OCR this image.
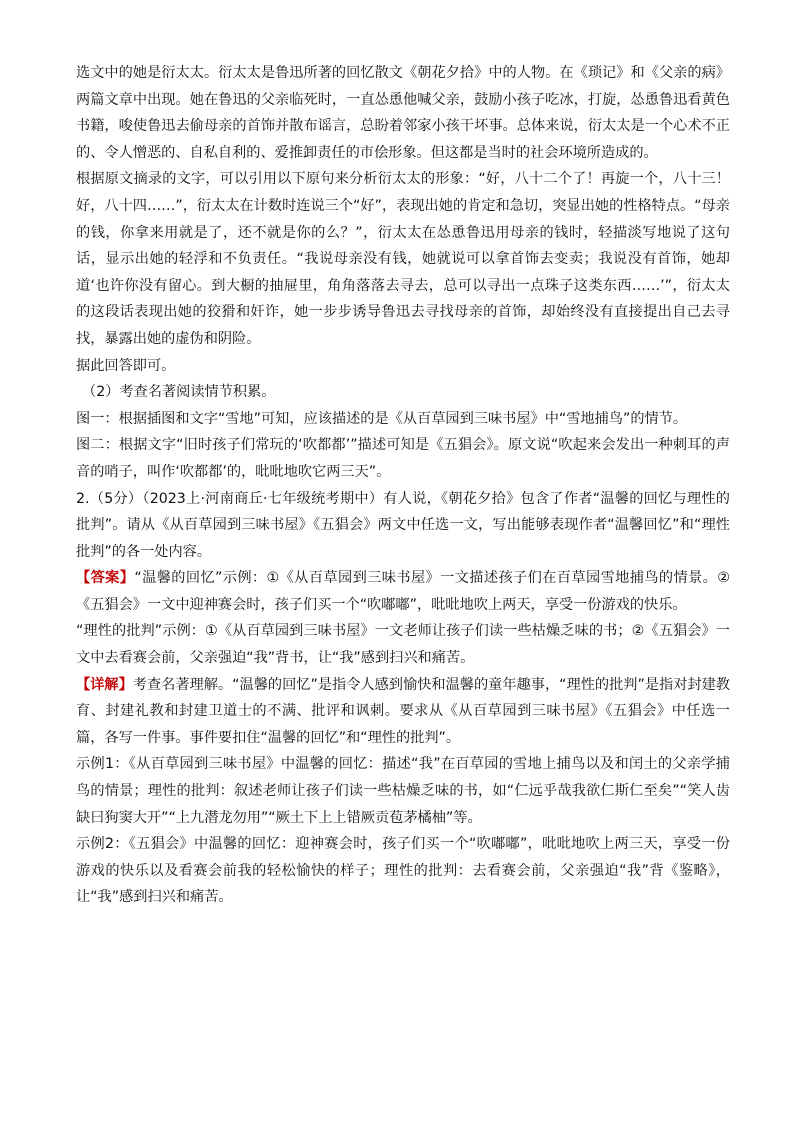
选文中的她是衍太太。衍太太是鲁迅所著的回忆散文《朝花夕拾》中的人物。在《琐记》和《父亲的病》两篇文章中出现。她在鲁迅的父亲临死时，一直怂恿他喊父亲，鼓励小孩子吃冰，打旋，怂恿鲁迅看黄色书籍，唆使鲁迅去偷母亲的首饰并散布谣言，总盼着邻家小孩干坏事。总体来说，衍太太是一个心术不正的、令人憎恶的、自私自利的、爱推卸责任的市侩形象。但这都是当时的社会环境所造成的。

根据原文摘录的文字，可以引用以下原句来分析衍太太的形象：“好，八十二个了！再旋一个，八十三！好，八十四……”，衍太太在计数时连说三个“好”，表现出她的肯定和急切，突显出她的性格特点。“母亲的钱，你拿来用就是了，还不就是你的么？”，衍太太在怂恿鲁迅用母亲的钱时，轻描淡写地说了这句话，显示出她的轻浮和不负责任。“我说母亲没有钱，她就说可以拿首饰去变卖；我说没有首饰，她却道‘也许你没有留心。到大橱的抽屉里，角角落落去寻去，总可以寻出一点珠子这类东西……’”，衍太太的这段话表现出她的狡猾和奸诈，她一步步诱导鲁迅去寻找母亲的首饰，却始终没有直接提出自己去寻找，暴露出她的虚伪和阴险。

据此回答即可。

（2）考查名著阅读情节积累。

图一：根据插图和文字“雪地”可知，应该描述的是《从百草园到三味书屋》中“雪地捕鸟”的情节。

图二：根据文字“旧时孩子们常玩的‘吹都都’”描述可知是《五猖会》。原文说“吹起来会发出一种刺耳的声音的哨子，叫作‘吹都都’的，吡吡地吹它两三天”。

2.（5分）（2023上·河南商丘·七年级统考期中）有人说，《朝花夕拾》包含了作者“温馨的回忆与理性的批判”。请从《从百草园到三味书屋》《五猖会》两文中任选一文，写出能够表现作者“温馨回忆”和“理性批判”的各一处内容。

【答案】“温馨的回忆”示例：①《从百草园到三味书屋》一文描述孩子们在百草园雪地捕鸟的情景。②《五猖会》一文中迎神赛会时，孩子们买一个“吹嘟嘟”，吡吡地吹上两天，享受一份游戏的快乐。

“理性的批判”示例：①《从百草园到三味书屋》一文老师让孩子们读一些枯燥乏味的书；②《五猖会》一文中去看赛会前，父亲强迫“我”背书，让“我”感到扫兴和痛苦。

【详解】考查名著理解。“温馨的回忆”是指令人感到愉快和温馨的童年趣事，“理性的批判”是指对封建教育、封建礼教和封建卫道士的不满、批评和讽刺。要求从《从百草园到三味书屋》《五猖会》中任选一篇，各写一件事。事件要扣住“温馨的回忆”和“理性的批判”。

示例1：《从百草园到三味书屋》中温馨的回忆：描述“我”在百草园的雪地上捕鸟以及和闰土的父亲学捕鸟的情景；理性的批判：叙述老师让孩子们读一些枯燥乏味的书，如“仁远乎哉我欲仁斯仁至矣”“笑人齿缺曰狗窦大开”“上九潜龙勿用”“厥土下上上错厥贡苞茅橘柚”等。

示例2：《五猖会》中温馨的回忆：迎神赛会时，孩子们买一个“吹嘟嘟”，吡吡地吹上两三天，享受一份游戏的快乐以及看赛会前我的轻松愉快的样子；理性的批判：去看赛会前，父亲强迫“我”背《鉴略》，让“我”感到扫兴和痛苦。
